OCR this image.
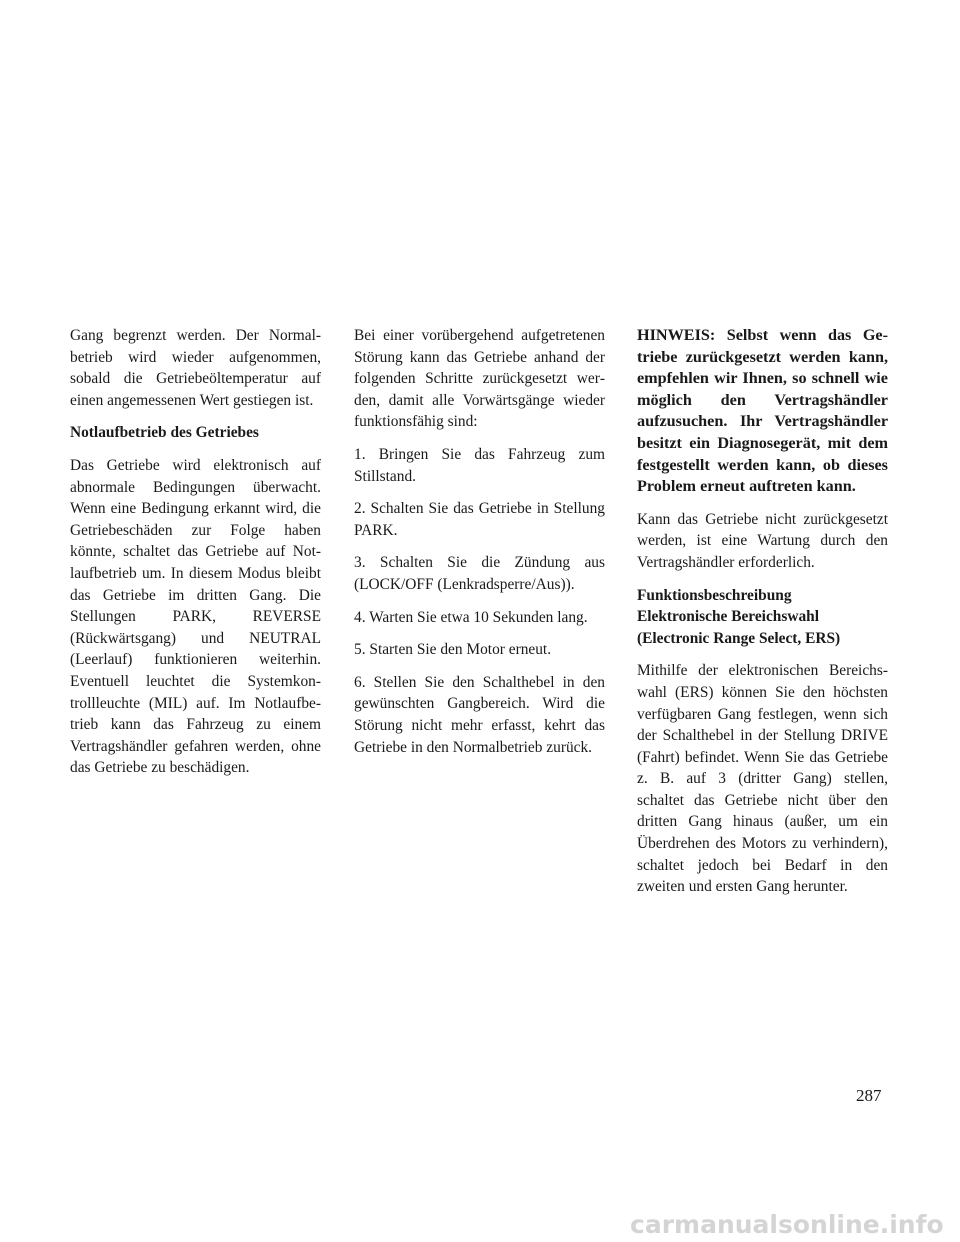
Gang begrenzt werden. Der Normalbetrieb wird wieder aufgenommen, sobald die Getriebeöltemperatur auf einen angemessenen Wert gestiegen ist.

Notlaufbetrieb des Getriebes

Das Getriebe wird elektronisch auf abnormale Bedingungen überwacht. Wenn eine Bedingung erkannt wird, die Getriebeschäden zur Folge haben könnte, schaltet das Getriebe auf Notlaufbetrieb um. In diesem Modus bleibt das Getriebe im dritten Gang. Die Stellungen PARK, REVERSE (Rückwärtsgang) und NEUTRAL (Leerlauf) funktionieren weiterhin. Eventuell leuchtet die Systemkontrollleuchte (MIL) auf. Im Notlaufbetrieb kann das Fahrzeug zu einem Vertragshändler gefahren werden, ohne das Getriebe zu beschädigen.

Bei einer vorübergehend aufgetretenen Störung kann das Getriebe anhand der folgenden Schritte zurückgesetzt werden, damit alle Vorwärtsgänge wieder funktionsfähig sind:

1. Bringen Sie das Fahrzeug zum Stillstand.

2. Schalten Sie das Getriebe in Stellung PARK.

3. Schalten Sie die Zündung aus (LOCK/OFF (Lenkradsperre/Aus)).

4. Warten Sie etwa 10 Sekunden lang.

5. Starten Sie den Motor erneut.

6. Stellen Sie den Schalthebel in den gewünschten Gangbereich. Wird die Störung nicht mehr erfasst, kehrt das Getriebe in den Normalbetrieb zurück.

HINWEIS: Selbst wenn das Getriebe zurückgesetzt werden kann, empfehlen wir Ihnen, so schnell wie möglich den Vertragshändler aufzusuchen. Ihr Vertragshändler besitzt ein Diagnosegerät, mit dem festgestellt werden kann, ob dieses Problem erneut auftreten kann.

Kann das Getriebe nicht zurückgesetzt werden, ist eine Wartung durch den Vertragshändler erforderlich.

Funktionsbeschreibung
Elektronische Bereichswahl
(Electronic Range Select, ERS)

Mithilfe der elektronischen Bereichswahl (ERS) können Sie den höchsten verfügbaren Gang festlegen, wenn sich der Schalthebel in der Stellung DRIVE (Fahrt) befindet. Wenn Sie das Getriebe z. B. auf 3 (dritter Gang) stellen, schaltet das Getriebe nicht über den dritten Gang hinaus (außer, um ein Überdrehen des Motors zu verhindern), schaltet jedoch bei Bedarf in den zweiten und ersten Gang herunter.

287
carmanualsonline.info
